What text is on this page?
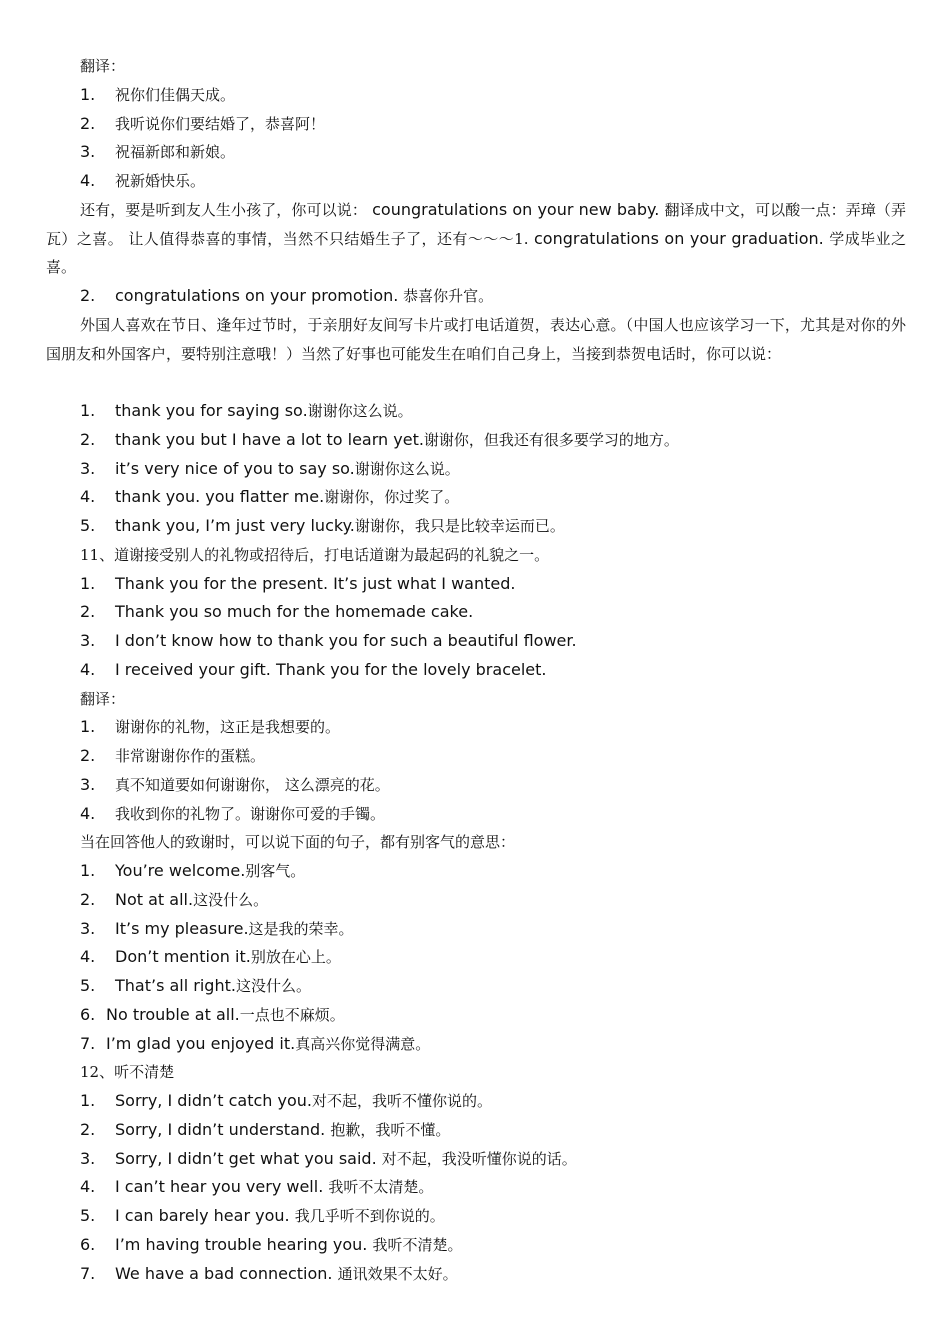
翻译：
1. 祝你们佳偶天成。
2. 我听说你们要结婚了，恭喜阿！
3. 祝福新郎和新娘。
4. 祝新婚快乐。
还有，要是听到友人生小孩了，你可以说： coungratulations on your new baby. 翻译成中文，可以酸一点：弄璋（弄瓦）之喜。 让人值得恭喜的事情，当然不只结婚生子了，还有～～～1. congratulations on your graduation. 学成毕业之喜。
2. congratulations on your promotion. 恭喜你升官。
外国人喜欢在节日、逢年过节时，于亲朋好友间写卡片或打电话道贺，表达心意。（中国人也应该学习一下，尤其是对你的外国朋友和外国客户，要特别注意哦！）当然了好事也可能发生在咱们自己身上，当接到恭贺电话时，你可以说：
1. thank you for saying so.谢谢你这么说。
2. thank you but I have a lot to learn yet.谢谢你，但我还有很多要学习的地方。
3. it’s very nice of you to say so.谢谢你这么说。
4. thank you. you flatter me.谢谢你，你过奖了。
5. thank you, I’m just very lucky.谢谢你，我只是比较幸运而已。
11、道谢接受别人的礼物或招待后，打电话道谢为最起码的礼貌之一。
1. Thank you for the present. It’s just what I wanted.
2. Thank you so much for the homemade cake.
3. I don’t know how to thank you for such a beautiful flower.
4. I received your gift. Thank you for the lovely bracelet.
翻译：
1. 谢谢你的礼物，这正是我想要的。
2. 非常谢谢你作的蛋糕。
3. 真不知道要如何谢谢你， 这么漂亮的花。
4. 我收到你的礼物了。谢谢你可爱的手镯。
当在回答他人的致谢时，可以说下面的句子，都有别客气的意思：
1. You’re welcome.别客气。
2. Not at all.这没什么。
3. It’s my pleasure.这是我的荣幸。
4. Don’t mention it.别放在心上。
5. That’s all right.这没什么。
6. No trouble at all.一点也不麻烦。
7. I’m glad you enjoyed it.真高兴你觉得满意。
12、听不清楚
1. Sorry, I didn’t catch you.对不起，我听不懂你说的。
2. Sorry, I didn’t understand. 抱歉，我听不懂。
3. Sorry, I didn’t get what you said. 对不起，我没听懂你说的话。
4. I can’t hear you very well. 我听不太清楚。
5. I can barely hear you. 我几乎听不到你说的。
6. I’m having trouble hearing you. 我听不清楚。
7. We have a bad connection. 通讯效果不太好。
